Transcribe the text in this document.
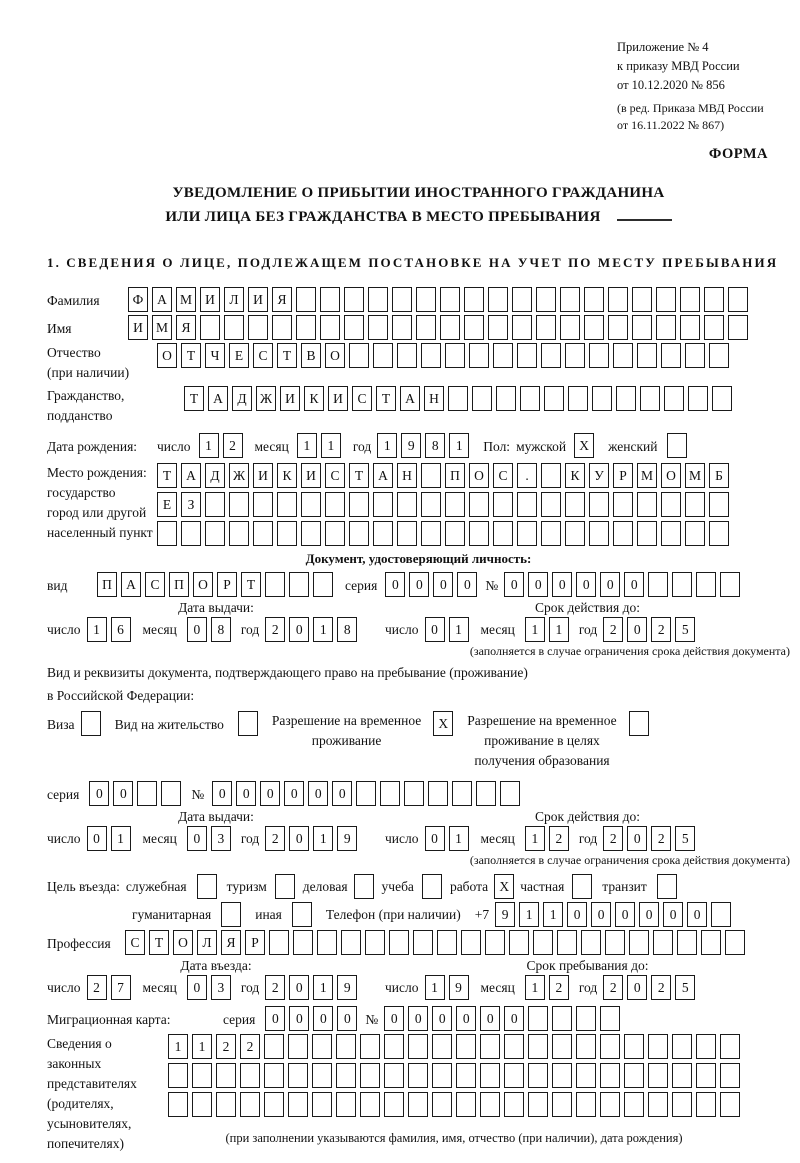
Приложение № 4
к приказу МВД России
от 10.12.2020 № 856
(в ред. Приказа МВД России
от 16.11.2022 № 867)
ФОРМА
УВЕДОМЛЕНИЕ О ПРИБЫТИИ ИНОСТРАННОГО ГРАЖДАНИНА
ИЛИ ЛИЦА БЕЗ ГРАЖДАНСТВА В МЕСТО ПРЕБЫВАНИЯ
1. СВЕДЕНИЯ О ЛИЦЕ, ПОДЛЕЖАЩЕМ ПОСТАНОВКЕ НА УЧЕТ ПО МЕСТУ ПРЕБЫВАНИЯ
Фамилия	Ф	А М И	Л	И	Я
Имя	И М Я
Отчество
(при наличии)
О	Т	Ч	Е	С	Т	В	О
Гражданство,
подданство
Т	А	Д Ж И	К	И	С	Т	А	Н
Дата рождения:	число	1	2	месяц	1	1	год 1	9	8	1	Пол: мужской X	женский
Место рождения:
государство
город или другой
населенный пункт
Т	А	Д Ж И	К	И	С	Т	А	Н	П	О	С	.	К	У	Р	М О М	Б
Е	З
Документ, удостоверяющий личность:
вид	П	А	С	П	О	Р	Т	серия	0	0	0	0	№ 0	0	0	0	0	0
Дата выдачи:
число 1	6	месяц	0	8	год 2	0	1	8
Срок действия до:
число 0	1	месяц	1	1	год 2	0	2	5
(заполняется в случае ограничения срока действия документа)
Вид и реквизиты документа, подтверждающего право на пребывание (проживание)
в Российской Федерации:
Виза	Вид на жительство	Разрешение на временное
проживание
X	Разрешение на временное
проживание в целях
получения образования
серия	0	0	№	0	0	0	0	0	0
Дата выдачи:
число 0	1	месяц	0	3	год 2	0	1	9
Срок действия до:
число 0	1	месяц	1	2	год 2	0	2	5
(заполняется в случае ограничения срока действия документа)
Цель въезда: служебная	туризм	деловая	учеба	работа X частная	транзит
гуманитарная	иная	Телефон (при наличии) +7 9	1	1	0	0	0	0	0	0
Профессия	С	Т	О	Л	Я	Р
Дата въезда:
число 2	7	месяц	0	3	год 2	0	1	9
Срок пребывания до:
число 1	9	месяц	1	2	год 2	0	2	5
Миграционная карта:	серия	0	0	0	0	№ 0	0	0	0	0	0
Сведения о
законных
представителях
(родителях,
усыновителях,
попечителях)
1	1	2	2
(при заполнении указываются фамилия, имя, отчество (при наличии), дата рождения)
